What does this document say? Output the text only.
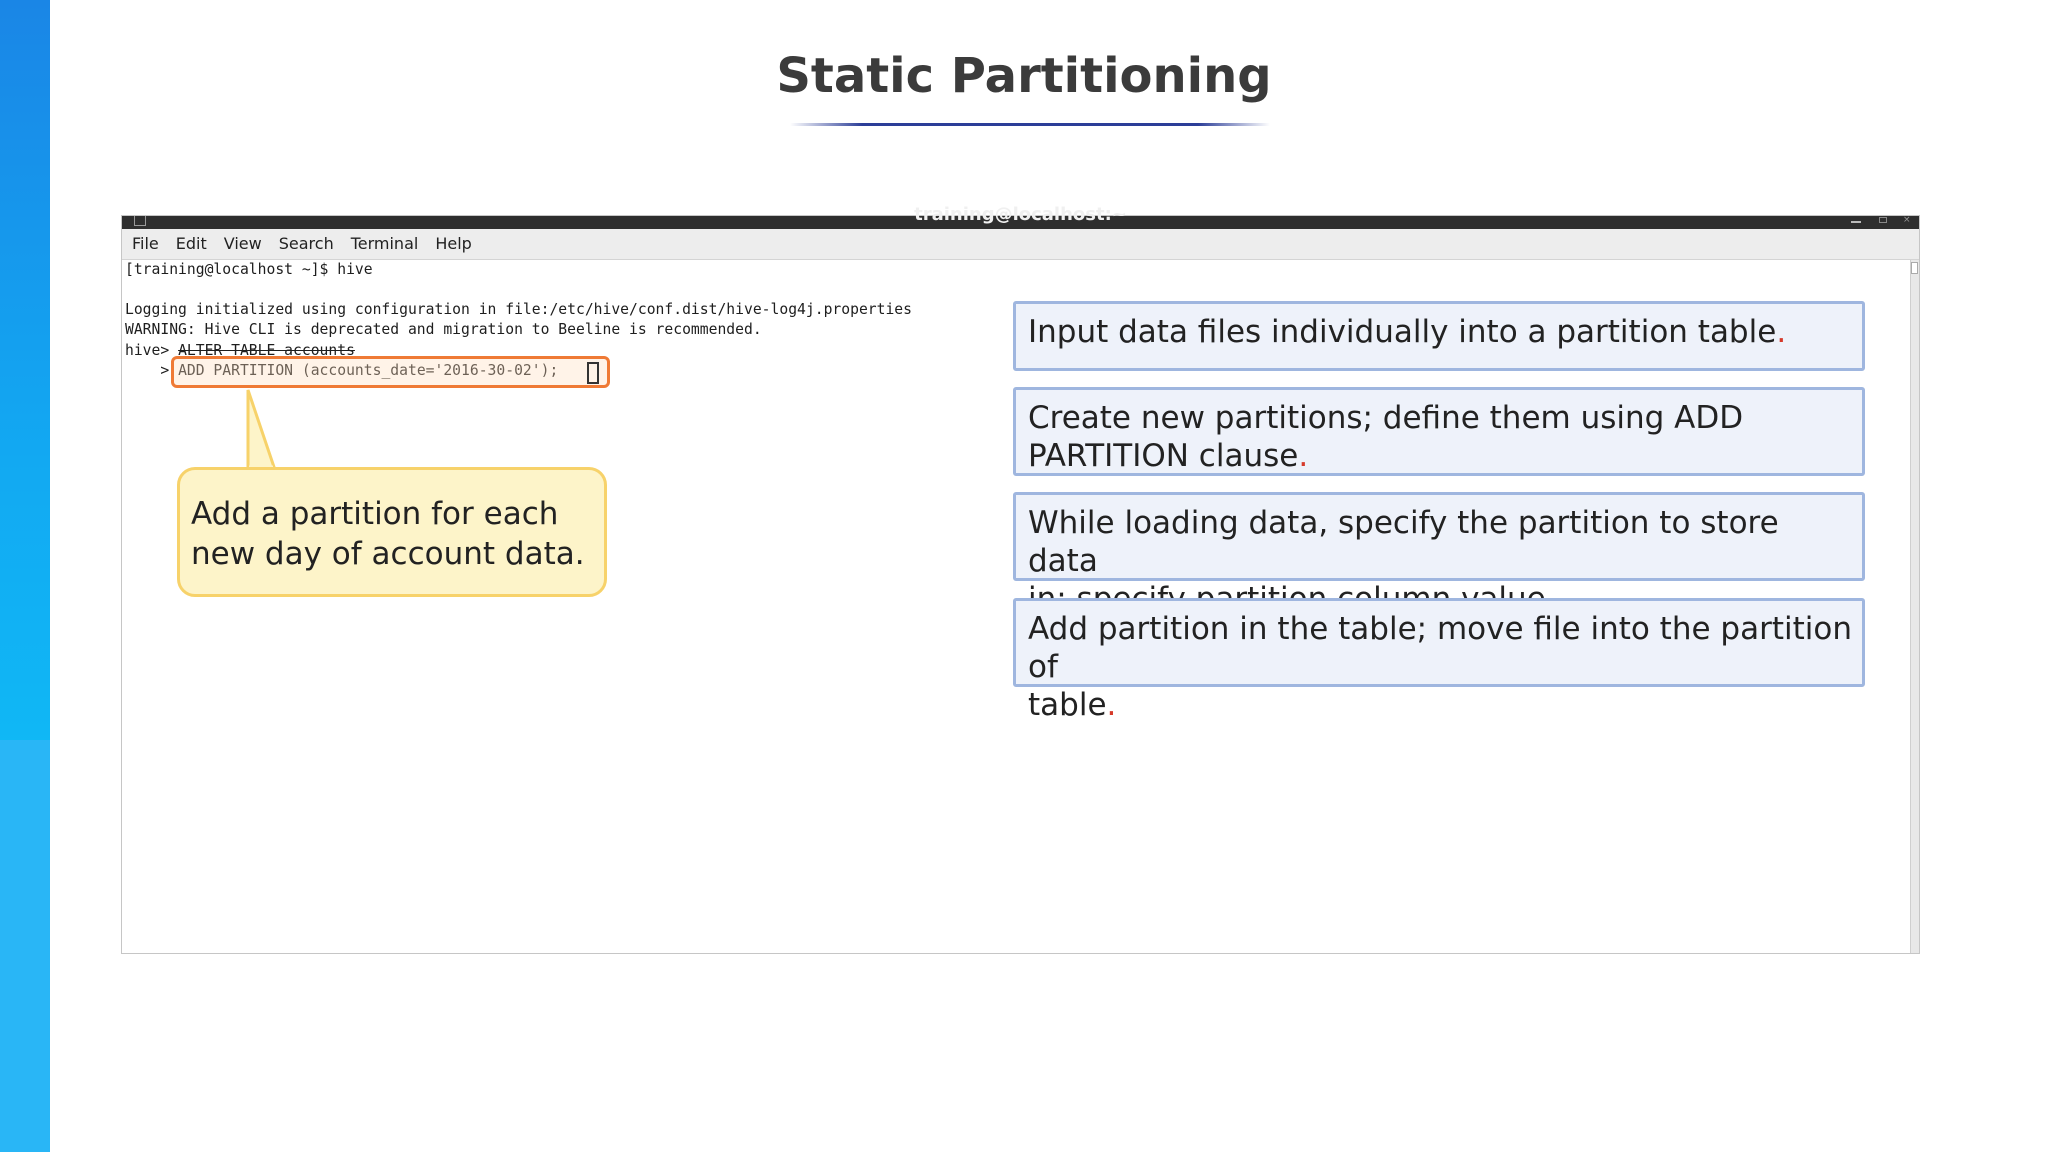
Static Partitioning
training@localhost:~	×
File Edit View Search Terminal Help
[training@localhost ~]$ hive
Logging initialized using configuration in file:/etc/hive/conf.dist/hive-log4j.properties
WARNING: Hive CLI is deprecated and migration to Beeline is recommended.
hive> ALTER TABLE accounts
> ADD PARTITION (accounts_date='2016-30-02');
Add a partition for each
new day of account data.
Input data files individually into a partition table.
Create new partitions; define them using ADD
PARTITION clause.
While loading data, specify the partition to store data
Add partition in the table; move file into the partition of
table.
